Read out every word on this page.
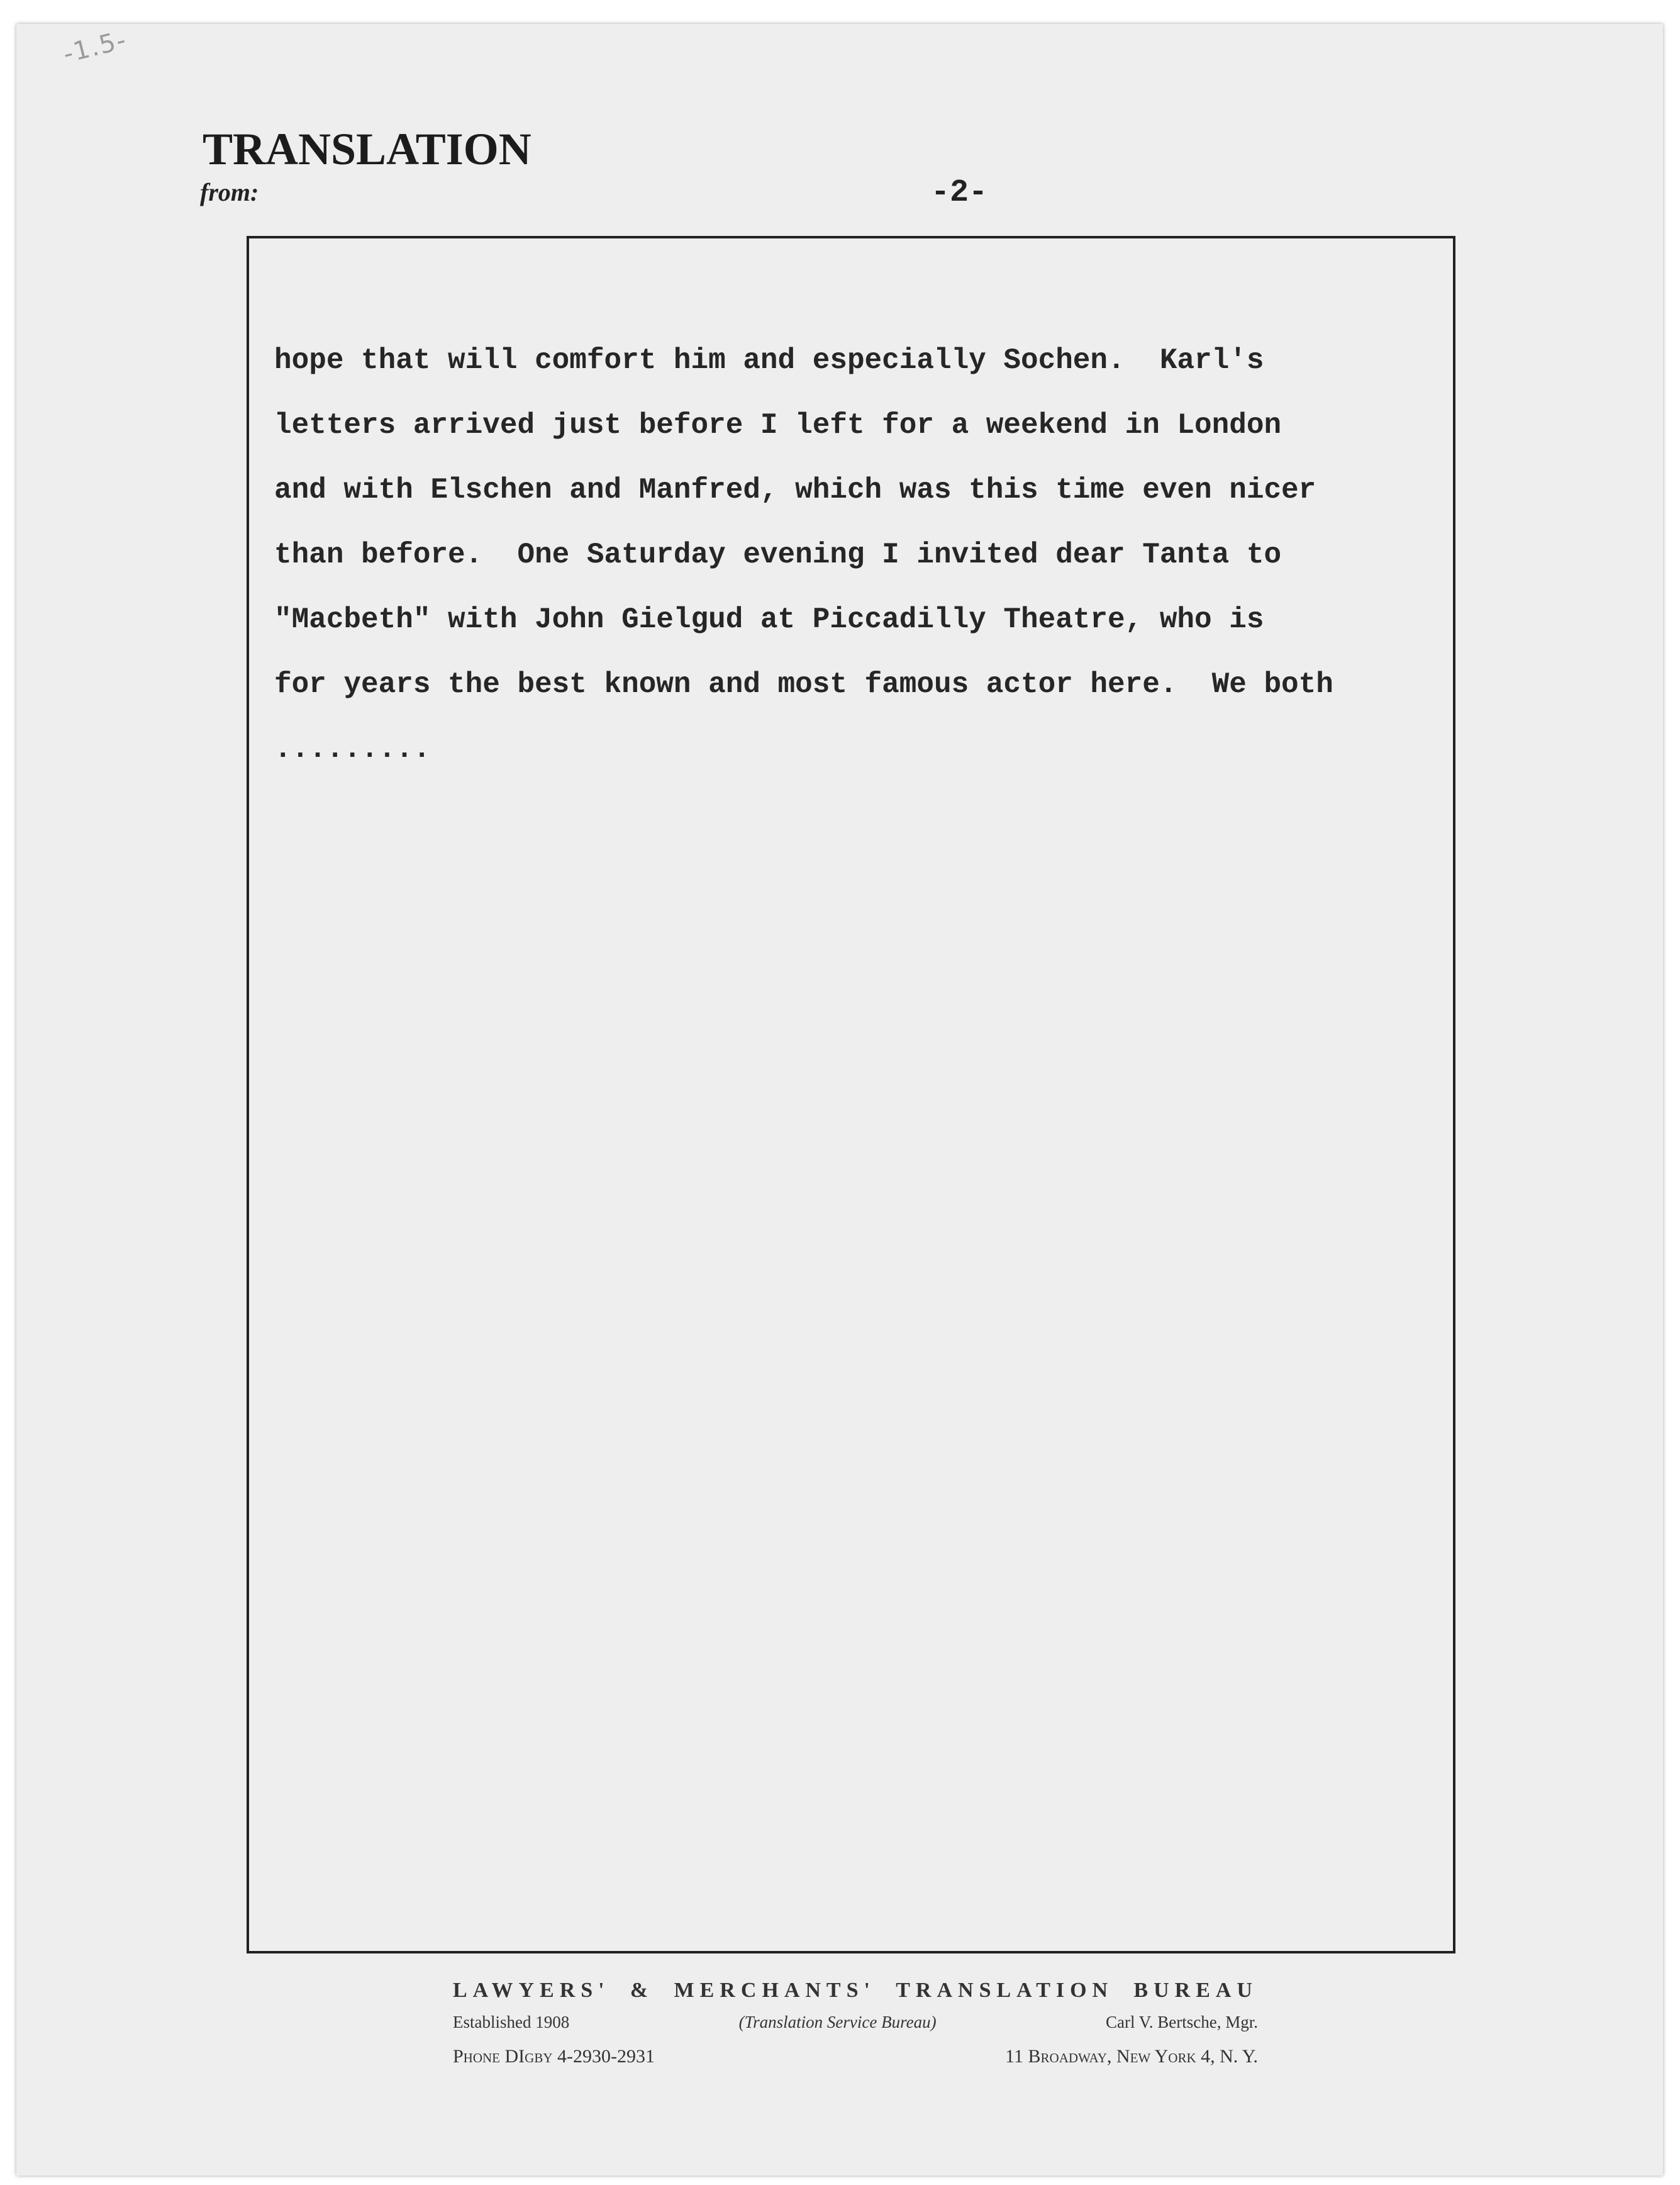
-1.5-
TRANSLATION
from:	-2-
hope that will comfort him and especially Sochen.  Karl's
letters arrived just before I left for a weekend in London
and with Elschen and Manfred, which was this time even nicer
than before.  One Saturday evening I invited dear Tanta to
"Macbeth" with John Gielgud at Piccadilly Theatre, who is
for years the best known and most famous actor here.  We both
.........
LAWYERS' & MERCHANTS' TRANSLATION BUREAU
Established 1908	(Translation Service Bureau)	Carl V. Bertsche, Mgr.
Phone DIgby 4-2930-2931	11 Broadway, New York 4, N. Y.
